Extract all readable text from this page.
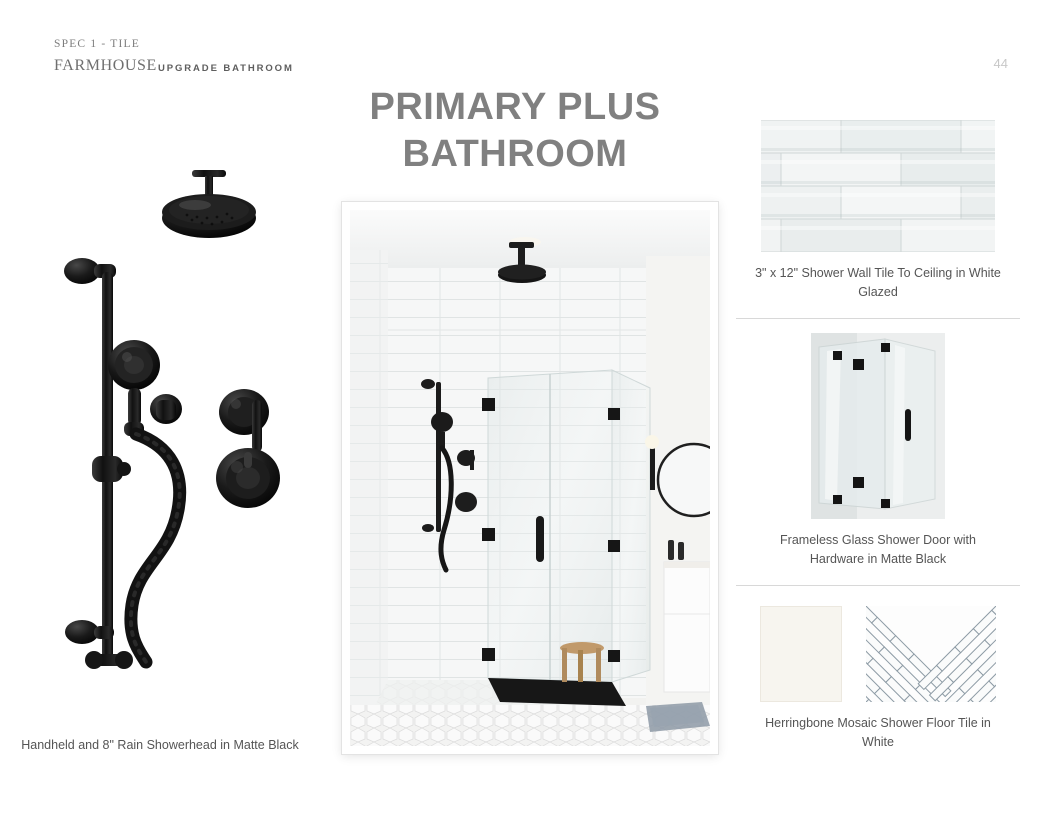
SPEC 1 - TILE
FARMHOUSE UPGRADE BATHROOM	44
PRIMARY PLUS BATHROOM
Handheld and 8" Rain Showerhead in Matte Black
3" x 12" Shower Wall Tile To Ceiling in White Glazed
Frameless Glass Shower Door with Hardware in Matte Black
Herringbone Mosaic Shower Floor Tile in White
